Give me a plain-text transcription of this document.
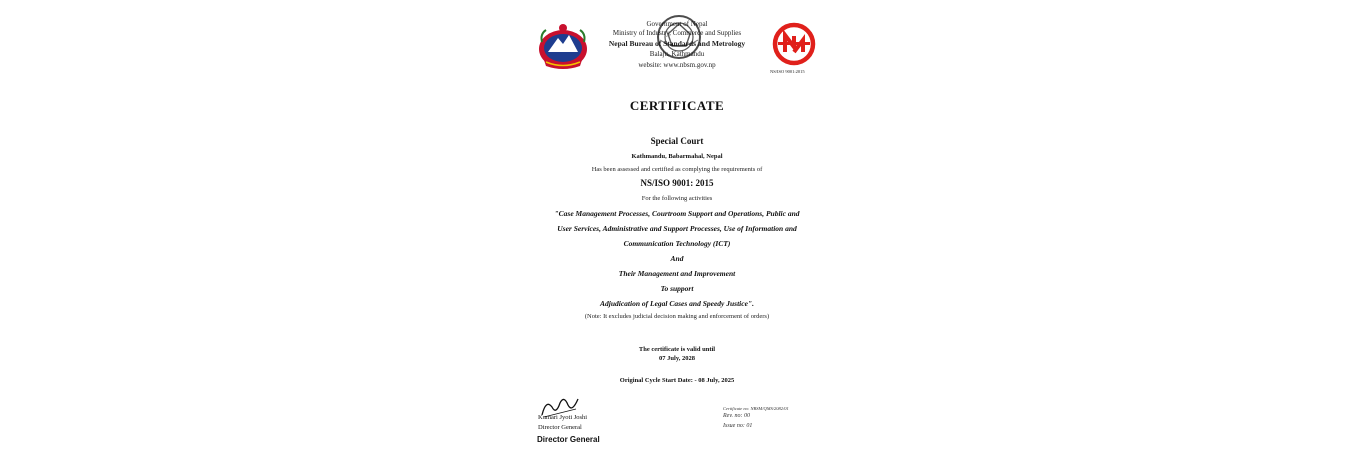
Government of Nepal
Ministry of Industry, Commerce and Supplies
Nepal Bureau of Standards and Metrology
Balaju, Kathmandu
website: www.nbsm.gov.np
NS/ISO 9001:2015
CERTIFICATE
Special Court
Kathmandu, Babarmahal, Nepal
Has been assessed and certified as complying the requirements of
NS/ISO 9001: 2015
For the following activities
"Case Management Processes, Courtroom Support and Operations, Public and
User Services, Administrative and Support Processes, Use of Information and
Communication Technology (ICT)
And
Their Management and Improvement
To support
Adjudication of Legal Cases and Speedy Justice".
(Note: It excludes judicial decision making and enforcement of orders)
The certificate is valid until
07 July, 2028
Original Cycle Start Date: - 08 July, 2025
Kumari Jyoti Joshi
Director General
Director General
Certificate no: NBSM/QMS/2082/01
Rev. no: 00
Issue no: 01
